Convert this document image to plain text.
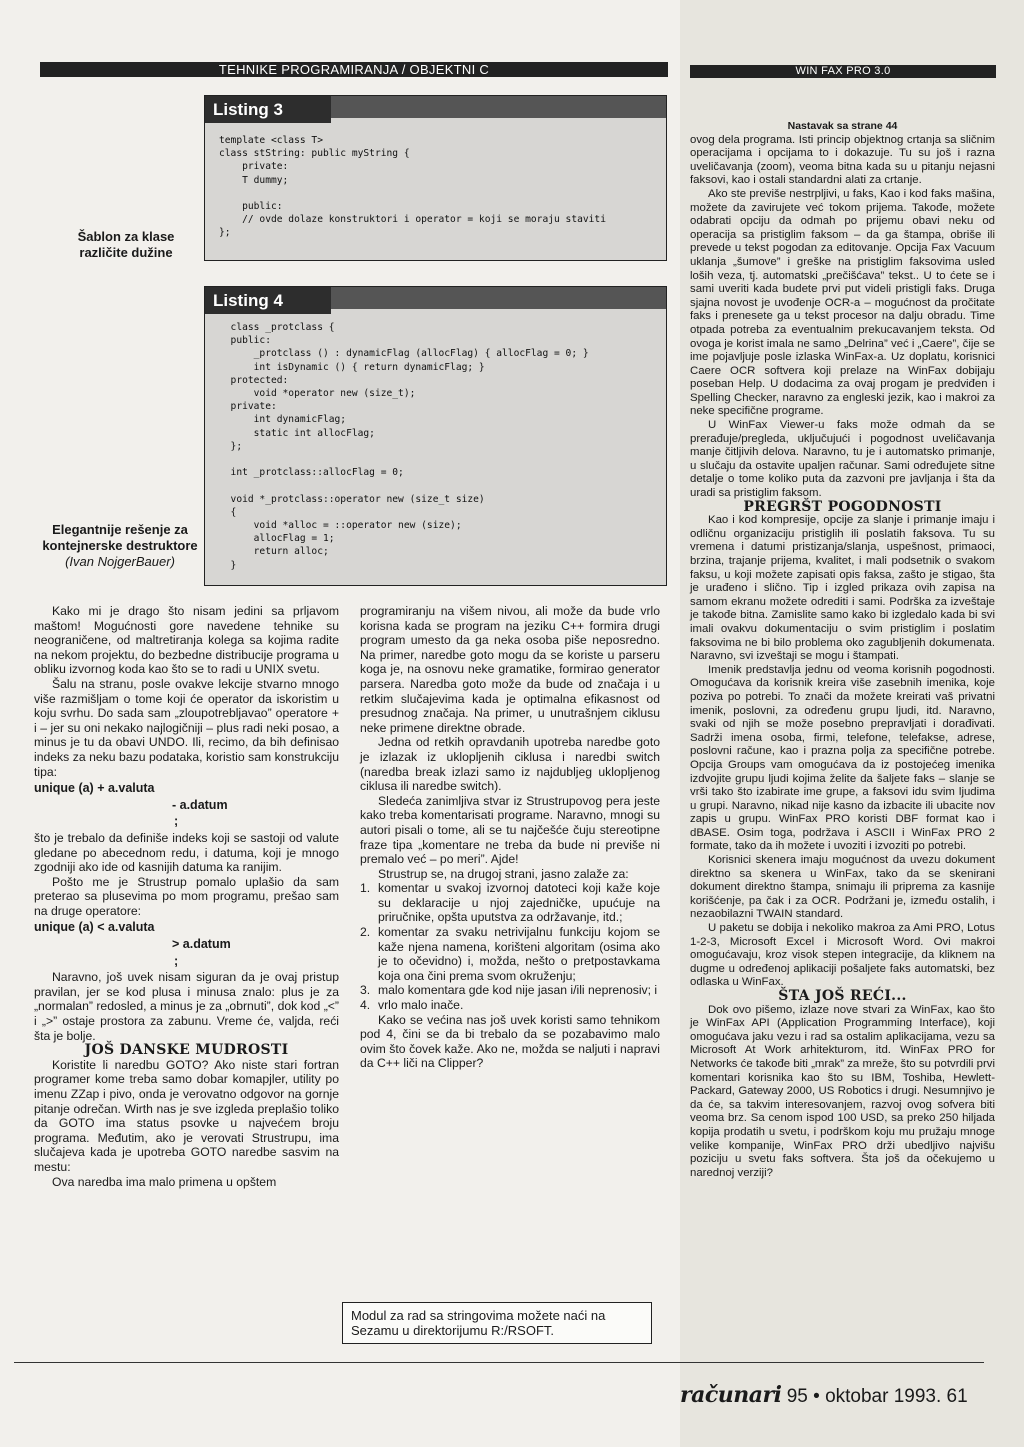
TEHNIKE PROGRAMIRANJA / OBJEKTNI C	WIN FAX PRO 3.0
Listing 3
template <class T>
class stString: public myString {
private:
T dummy;

public:
// ovde dolaze konstruktori i operator = koji se moraju staviti
};
Šablon za klase različite dužine
Listing 4
class _protclass {
public:
_protclass () : dynamicFlag (allocFlag) { allocFlag = 0; }
int isDynamic () { return dynamicFlag; }
protected:
void *operator new (size_t);
private:
int dynamicFlag;
static int allocFlag;
};

int _protclass::allocFlag = 0;

void *_protclass::operator new (size_t size)
{
void *alloc = ::operator new (size);
allocFlag = 1;
return alloc;
}
Elegantnije rešenje za kontejnerske destruktore
(Ivan NojgerBauer)

Kako mi je drago što nisam jedini sa prljavom maštom! Mogućnosti gore navedene tehnike su neograničene, od maltretiranja kolega sa kojima radite na nekom projektu, do bezbedne distribucije programa u obliku izvornog koda kao što se to radi u UNIX svetu.

Šalu na stranu, posle ovakve lekcije stvarno mnogo više razmišljam o tome koji će operator da iskoristim u koju svrhu. Do sada sam „zloupotrebljavao” operatore + i – jer su oni nekako najlogičniji – plus radi neki posao, a minus je tu da obavi UNDO. Ili, recimo, da bih definisao indeks za neku bazu podataka, koristio sam konstrukciju tipa:

unique (a) + a.valuta
- a.datum
;

što je trebalo da definiše indeks koji se sastoji od valute gledane po abecednom redu, i datuma, koji je mnogo zgodniji ako ide od kasnijih datuma ka ranijim.

Pošto me je Strustrup pomalo uplašio da sam preterao sa plusevima po mom programu, prešao sam na druge operatore:

unique (a) < a.valuta
> a.datum
;

Naravno, još uvek nisam siguran da je ovaj pristup pravilan, jer se kod plusa i minusa znalo: plus je za „normalan” redosled, a minus je za „obrnuti”, dok kod „<” i „>” ostaje prostora za zabunu. Vreme će, valjda, reći šta je bolje.

JOŠ DANSKE MUDROSTI

Koristite li naredbu GOTO? Ako niste stari fortran programer kome treba samo dobar komapjler, utility po imenu ZZap i pivo, onda je verovatno odgovor na gornje pitanje odrečan. Wirth nas je sve izgleda preplašio toliko da GOTO ima status psovke u najvećem broju programa. Međutim, ako je verovati Strustrupu, ima slučajeva kada je upotreba GOTO naredbe sasvim na mestu:

Ova naredba ima malo primena u opštem

programiranju na višem nivou, ali može da bude vrlo korisna kada se program na jeziku C++ formira drugi program umesto da ga neka osoba piše neposredno. Na primer, naredbe goto mogu da se koriste u parseru koga je, na osnovu neke gramatike, formirao generator parsera. Naredba goto može da bude od značaja i u retkim slučajevima kada je optimalna efikasnost od presudnog značaja. Na primer, u unutrašnjem ciklusu neke primene direktne obrade.

Jedna od retkih opravdanih upotreba naredbe goto je izlazak iz uklopljenih ciklusa i naredbi switch (naredba break izlazi samo iz najdubljeg uklopljenog ciklusa ili naredbe switch).

Sledeća zanimljiva stvar iz Strustrupovog pera jeste kako treba komentarisati programe. Naravno, mnogi su autori pisali o tome, ali se tu najčešće čuju stereotipne fraze tipa „komentare ne treba da bude ni previše ni premalo već – po meri”. Ajde!

Strustrup se, na drugoj strani, jasno zalaže za:

1. komentar u svakoj izvornoj datoteci koji kaže koje su deklaracije u njoj zajedničke, upućuje na priručnike, opšta uputstva za održavanje, itd.;

2. komentar za svaku netrivijalnu funkciju kojom se kaže njena namena, korišteni algoritam (osima ako je to očevidno) i, možda, nešto o pretpostavkama koja ona čini prema svom okruženju;

3. malo komentara gde kod nije jasan i/ili neprenosiv; i

4. vrlo malo inače.

Kako se većina nas još uvek koristi samo tehnikom pod 4, čini se da bi trebalo da se pozabavimo malo ovim što čovek kaže. Ako ne, možda se naljuti i napravi da C++ liči na Clipper?

Modul za rad sa stringovima možete naći na Sezamu u direktorijumu R:/RSOFT.

Nastavak sa strane 44

ovog dela programa. Isti princip objektnog crtanja sa sličnim operacijama i opcijama to i dokazuje. Tu su još i razna uveličavanja (zoom), veoma bitna kada su u pitanju nejasni faksovi, kao i ostali standardni alati za crtanje.

Ako ste previše nestrpljivi, u faks, Kao i kod faks mašina, možete da zavirujete već tokom prijema. Takođe, možete odabrati opciju da odmah po prijemu obavi neku od operacija sa pristiglim faksom – da ga štampa, obriše ili prevede u tekst pogodan za editovanje. Opcija Fax Vacuum uklanja „šumove” i greške na pristiglim faksovima usled loših veza, tj. automatski „prečišćava” tekst.. U to ćete se i sami uveriti kada budete prvi put videli pristigli faks. Druga sjajna novost je uvođenje OCR-a – mogućnost da pročitate faks i prenesete ga u tekst procesor na dalju obradu. Time otpada potreba za eventualnim prekucavanjem teksta. Od ovoga je korist imala ne samo „Delrina” već i „Caere”, čije se ime pojavljuje posle izlaska WinFax-a. Uz doplatu, korisnici Caere OCR softvera koji prelaze na WinFax dobijaju poseban Help. U dodacima za ovaj progam je predviđen i Spelling Checker, naravno za engleski jezik, kao i makroi za neke specifične programe.

U WinFax Viewer-u faks može odmah da se prerađuje/pregleda, uključujući i pogodnost uveličavanja manje čitljivih delova. Naravno, tu je i automatsko primanje, u slučaju da ostavite upaljen računar. Sami određujete sitne detalje o tome koliko puta da zazvoni pre javljanja i šta da uradi sa pristiglim faksom.

PREGRŠT POGODNOSTI

Kao i kod kompresije, opcije za slanje i primanje imaju i odličnu organizaciju pristiglih ili poslatih faksova. Tu su vremena i datumi pristizanja/slanja, uspešnost, primaoci, brzina, trajanje prijema, kvalitet, i mali podsetnik o svakom faksu, u koji možete zapisati opis faksa, zašto je stigao, šta je urađeno i slično. Tip i izgled prikaza ovih zapisa na samom ekranu možete odrediti i sami. Podrška za izveštaje je takođe bitna. Zamislite samo kako bi izgledalo kada bi svi imali ovakvu dokumentaciju o svim pristiglim i poslatim faksovima ne bi bilo problema oko zagubljenih dokumenata. Naravno, svi izveštaji se mogu i štampati.

Imenik predstavlja jednu od veoma korisnih pogodnosti. Omogućava da korisnik kreira više zasebnih imenika, koje poziva po potrebi. To znači da možete kreirati vaš privatni imenik, poslovni, za određenu grupu ljudi, itd. Naravno, svaki od njih se može posebno prepravljati i dorađivati. Sadrži imena osoba, firmi, telefone, telefakse, adrese, poslovni račune, kao i prazna polja za specifične potrebe. Opcija Groups vam omogućava da iz postojećeg imenika izdvojite grupu ljudi kojima želite da šaljete faks – slanje se vrši tako što izabirate ime grupe, a faksovi idu svim ljudima u grupi. Naravno, nikad nije kasno da izbacite ili ubacite nov zapis u grupu. WinFax PRO koristi DBF format kao i dBASE. Osim toga, podržava i ASCII i WinFax PRO 2 formate, tako da ih možete i uvoziti i izvoziti po potrebi.

Korisnici skenera imaju mogućnost da uvezu dokument direktno sa skenera u WinFax, tako da se skenirani dokument direktno štampa, snimaju ili priprema za kasnije korišćenje, pa čak i za OCR. Podržani je, između ostalih, i nezaobilazni TWAIN standard.

U paketu se dobija i nekoliko makroa za Ami PRO, Lotus 1-2-3, Microsoft Excel i Microsoft Word. Ovi makroi omogućavaju, kroz visok stepen integracije, da kliknem na dugme u određenoj aplikaciji pošaljete faks automatski, bez odlaska u WinFax.

ŠTA JOŠ REĆI...

Dok ovo pišemo, izlaze nove stvari za WinFax, kao što je WinFax API (Application Programming Interface), koji omogućava jaku vezu i rad sa ostalim aplikacijama, vezu sa Microsoft At Work arhitekturom, itd. WinFax PRO for Networks će takođe biti „mrak” za mreže, što su potvrdili prvi komentari korisnika kao što su IBM, Toshiba, Hewlett-Packard, Gateway 2000, US Robotics i drugi. Nesumnjivo je da će, sa takvim interesovanjem, razvoj ovog sofvera biti veoma brz. Sa cenom ispod 100 USD, sa preko 250 hiljada kopija prodatih u svetu, i podrškom koju mu pružaju mnoge velike kompanije, WinFax PRO drži ubedljivo najvišu poziciju u svetu faks softvera. Šta još da očekujemo u narednoj verziji?

računari 95 • oktobar 1993. 61
